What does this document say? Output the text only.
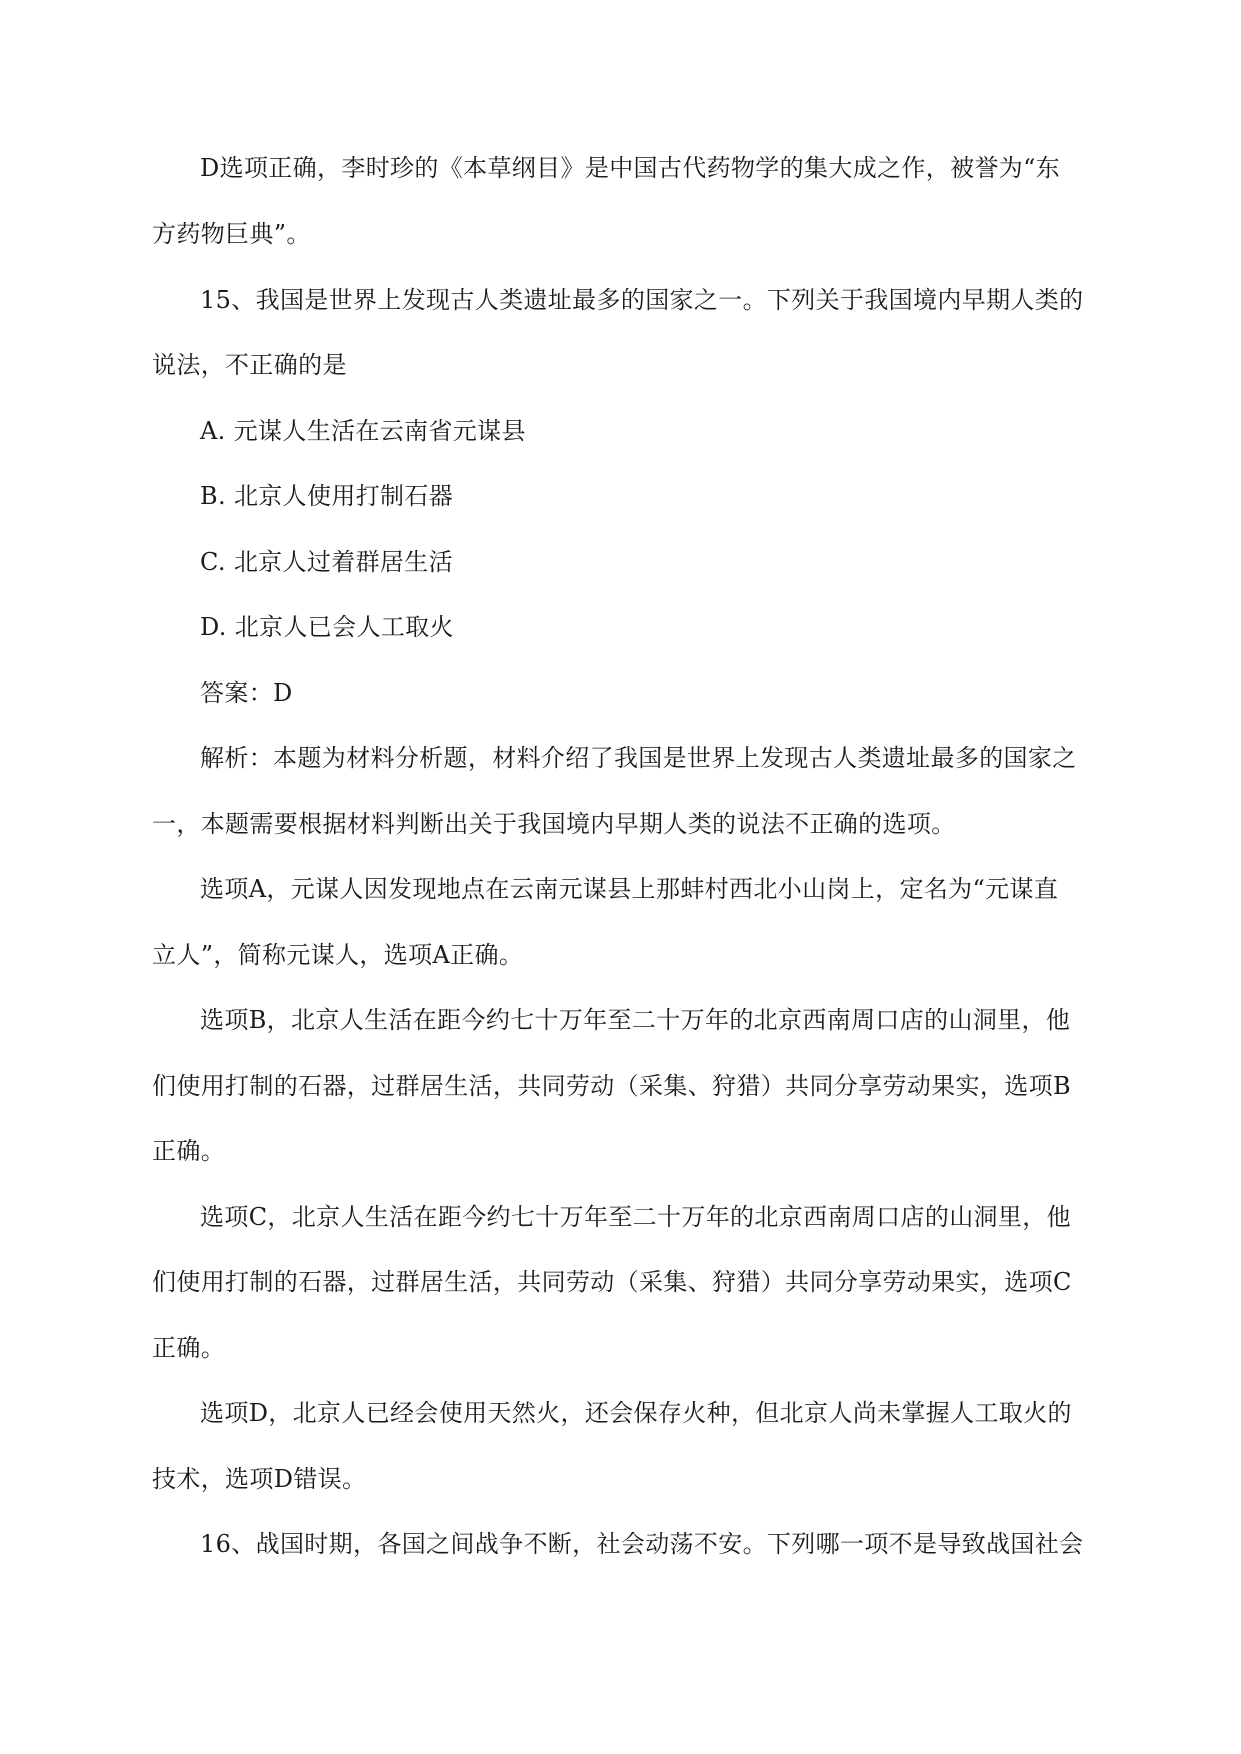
D选项正确，李时珍的《本草纲目》是中国古代药物学的集大成之作，被誉为“东
方药物巨典”。
15、我国是世界上发现古人类遗址最多的国家之一。下列关于我国境内早期人类的
说法，不正确的是
A. 元谋人生活在云南省元谋县
B. 北京人使用打制石器
C. 北京人过着群居生活
D. 北京人已会人工取火
答案：D
解析：本题为材料分析题，材料介绍了我国是世界上发现古人类遗址最多的国家之
一，本题需要根据材料判断出关于我国境内早期人类的说法不正确的选项。
选项A，元谋人因发现地点在云南元谋县上那蚌村西北小山岗上，定名为“元谋直
立人”，简称元谋人，选项A正确。
选项B，北京人生活在距今约七十万年至二十万年的北京西南周口店的山洞里，他
们使用打制的石器，过群居生活，共同劳动（采集、狩猎）共同分享劳动果实，选项B
正确。
选项C，北京人生活在距今约七十万年至二十万年的北京西南周口店的山洞里，他
们使用打制的石器，过群居生活，共同劳动（采集、狩猎）共同分享劳动果实，选项C
正确。
选项D，北京人已经会使用天然火，还会保存火种，但北京人尚未掌握人工取火的
技术，选项D错误。
16、战国时期，各国之间战争不断，社会动荡不安。下列哪一项不是导致战国社会
